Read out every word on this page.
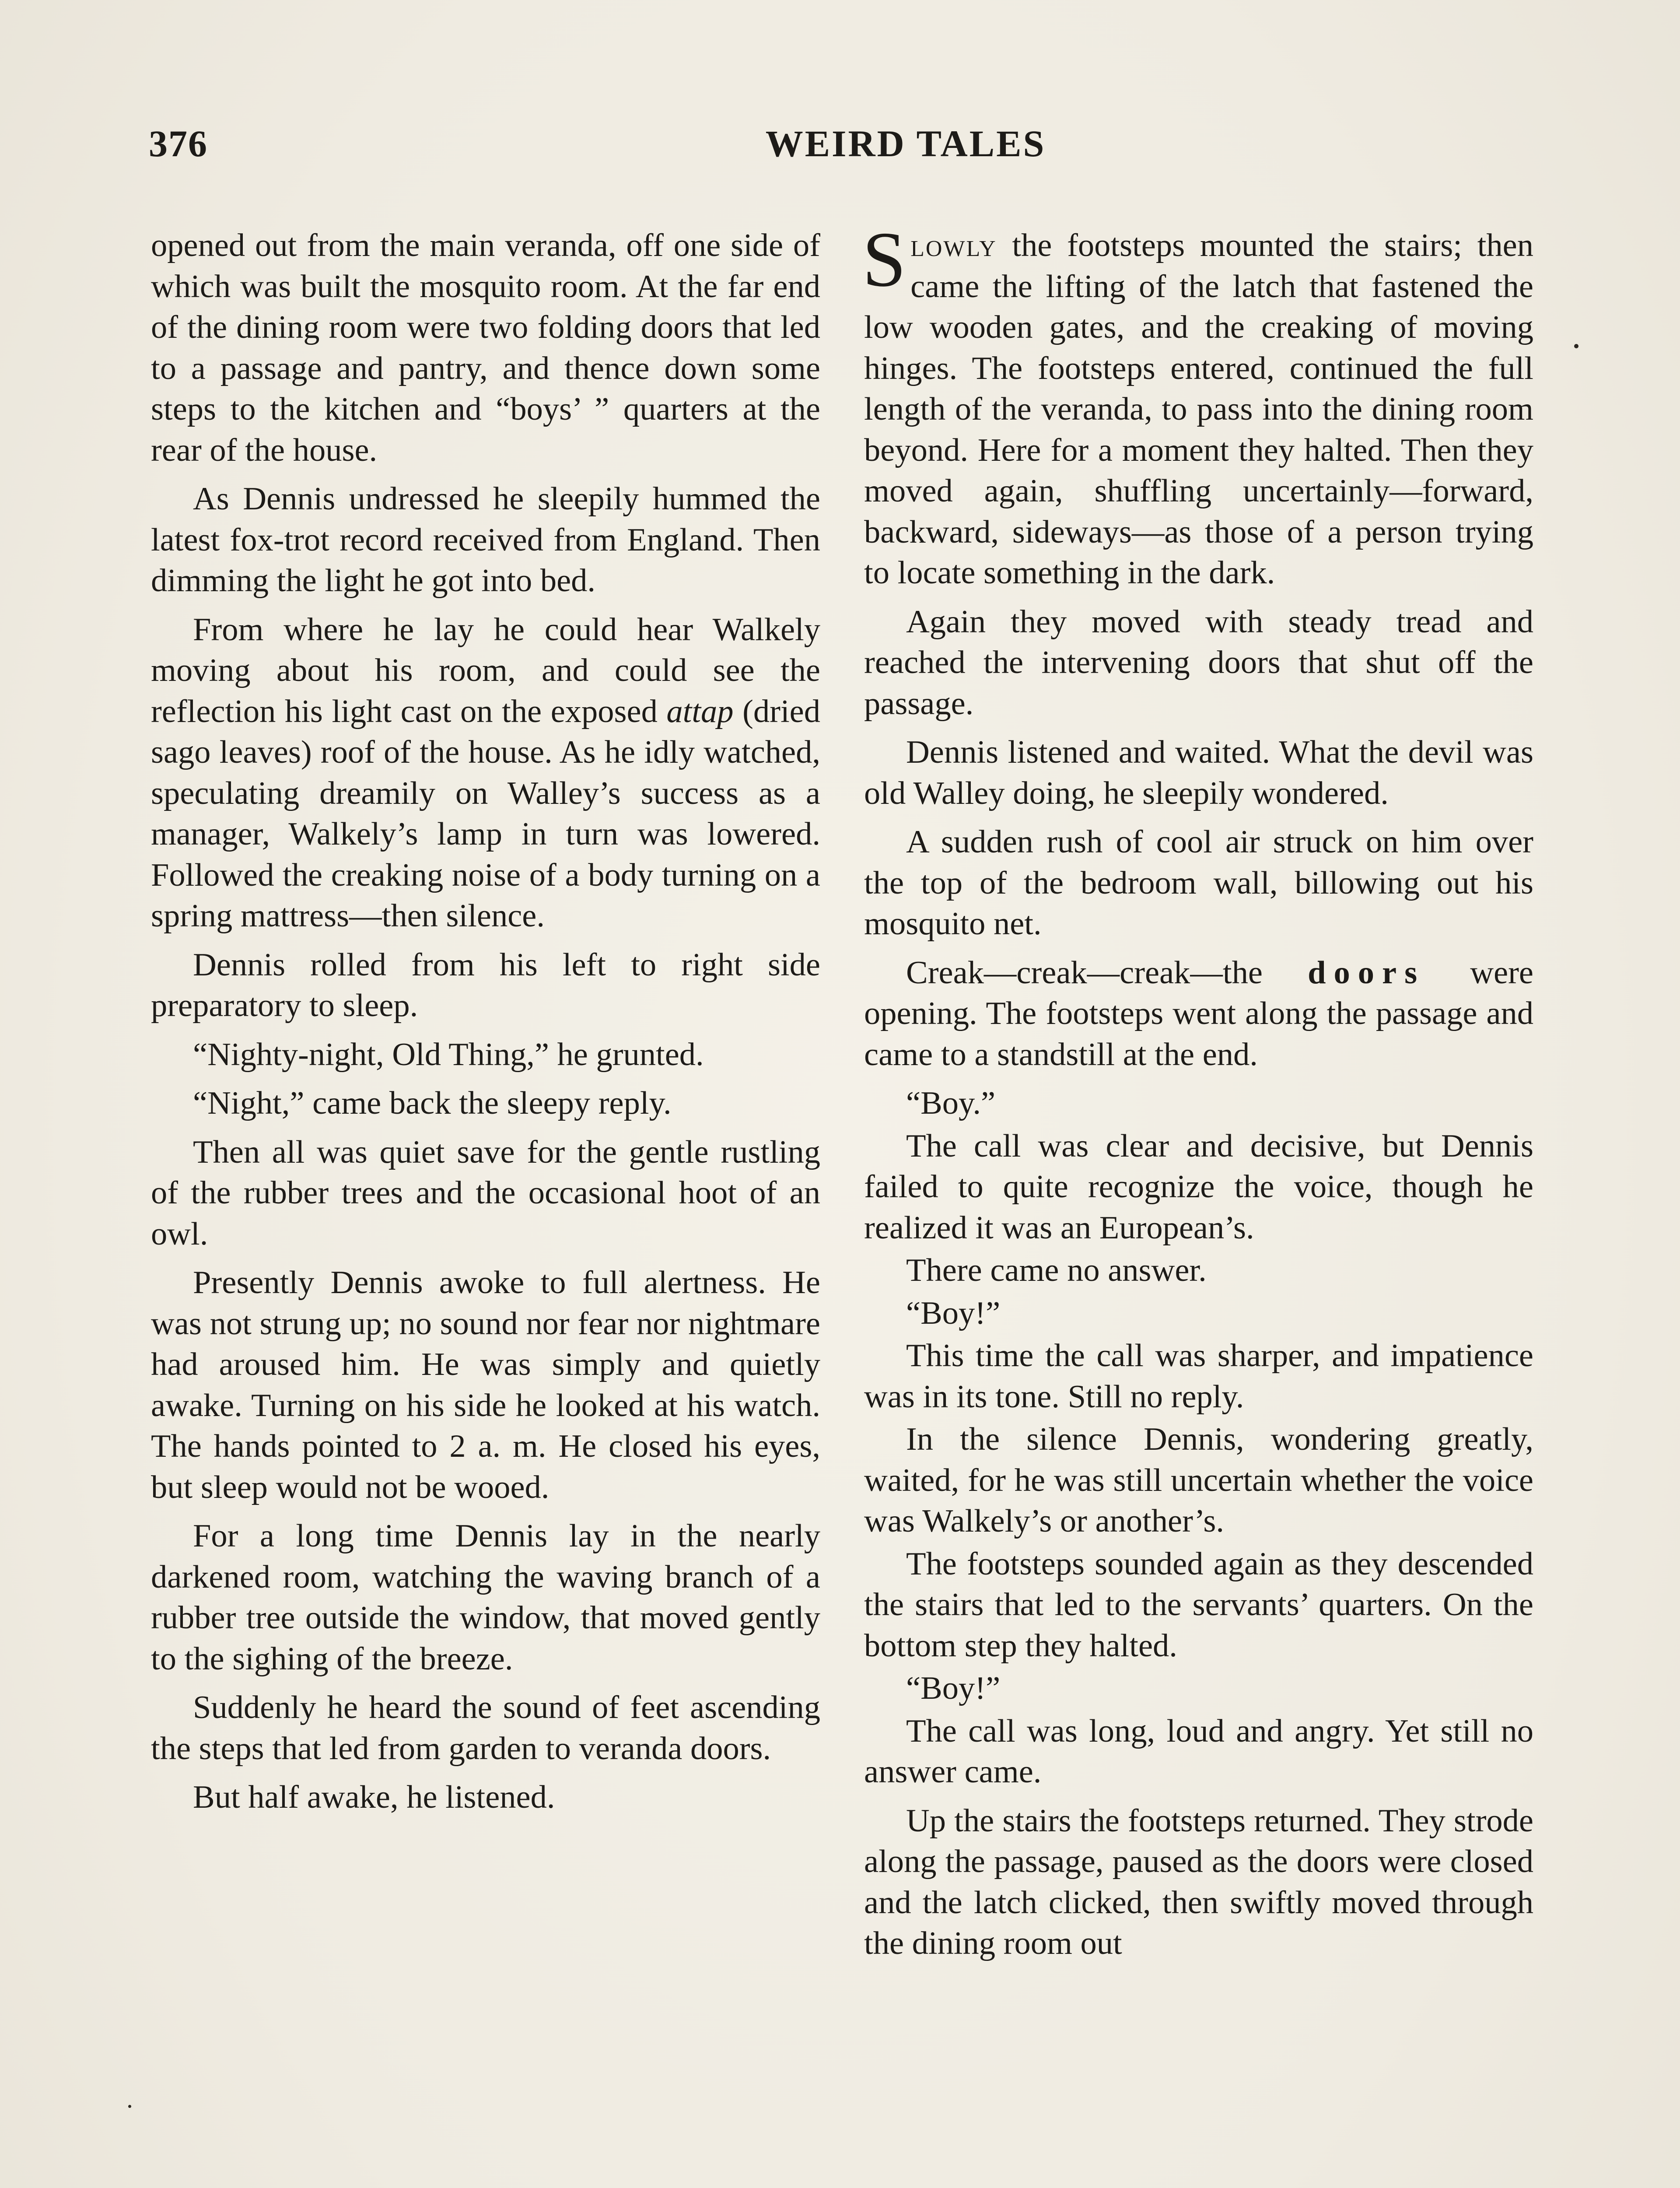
376	WEIRD TALES

opened out from the main veranda, off one side of which was built the mosquito room. At the far end of the dining room were two folding doors that led to a passage and pantry, and thence down some steps to the kitchen and “boys’ ” quarters at the rear of the house.

As Dennis undressed he sleepily hummed the latest fox-trot record received from England. Then dimming the light he got into bed.

From where he lay he could hear Walkely moving about his room, and could see the reflection his light cast on the exposed attap (dried sago leaves) roof of the house. As he idly watched, speculating dreamily on Walley’s success as a manager, Walkely’s lamp in turn was lowered. Followed the creaking noise of a body turning on a spring mattress—then silence.

Dennis rolled from his left to right side preparatory to sleep.

“Nighty-night, Old Thing,” he grunted.

“Night,” came back the sleepy reply.

Then all was quiet save for the gentle rustling of the rubber trees and the occasional hoot of an owl.

Presently Dennis awoke to full alertness. He was not strung up; no sound nor fear nor nightmare had aroused him. He was simply and quietly awake. Turning on his side he looked at his watch. The hands pointed to 2 a. m. He closed his eyes, but sleep would not be wooed.

For a long time Dennis lay in the nearly darkened room, watching the waving branch of a rubber tree outside the window, that moved gently to the sighing of the breeze.

Suddenly he heard the sound of feet ascending the steps that led from garden to veranda doors.

But half awake, he listened.

Slowly the footsteps mounted the stairs; then came the lifting of the latch that fastened the low wooden gates, and the creaking of moving hinges. The footsteps entered, continued the full length of the veranda, to pass into the dining room beyond. Here for a moment they halted. Then they moved again, shuffling uncertainly—forward, backward, sideways—as those of a person trying to locate something in the dark.

Again they moved with steady tread and reached the intervening doors that shut off the passage.

Dennis listened and waited. What the devil was old Walley doing, he sleepily wondered.

A sudden rush of cool air struck on him over the top of the bedroom wall, billowing out his mosquito net.

Creak—creak—creak—the doors were opening. The footsteps went along the passage and came to a standstill at the end.

“Boy.”

The call was clear and decisive, but Dennis failed to quite recognize the voice, though he realized it was an European’s.

There came no answer.

“Boy!”

This time the call was sharper, and impatience was in its tone. Still no reply.

In the silence Dennis, wondering greatly, waited, for he was still uncertain whether the voice was Walkely’s or another’s.

The footsteps sounded again as they descended the stairs that led to the servants’ quarters. On the bottom step they halted.

“Boy!”

The call was long, loud and angry. Yet still no answer came.

Up the stairs the footsteps returned. They strode along the passage, paused as the doors were closed and the latch clicked, then swiftly moved through the dining room out
